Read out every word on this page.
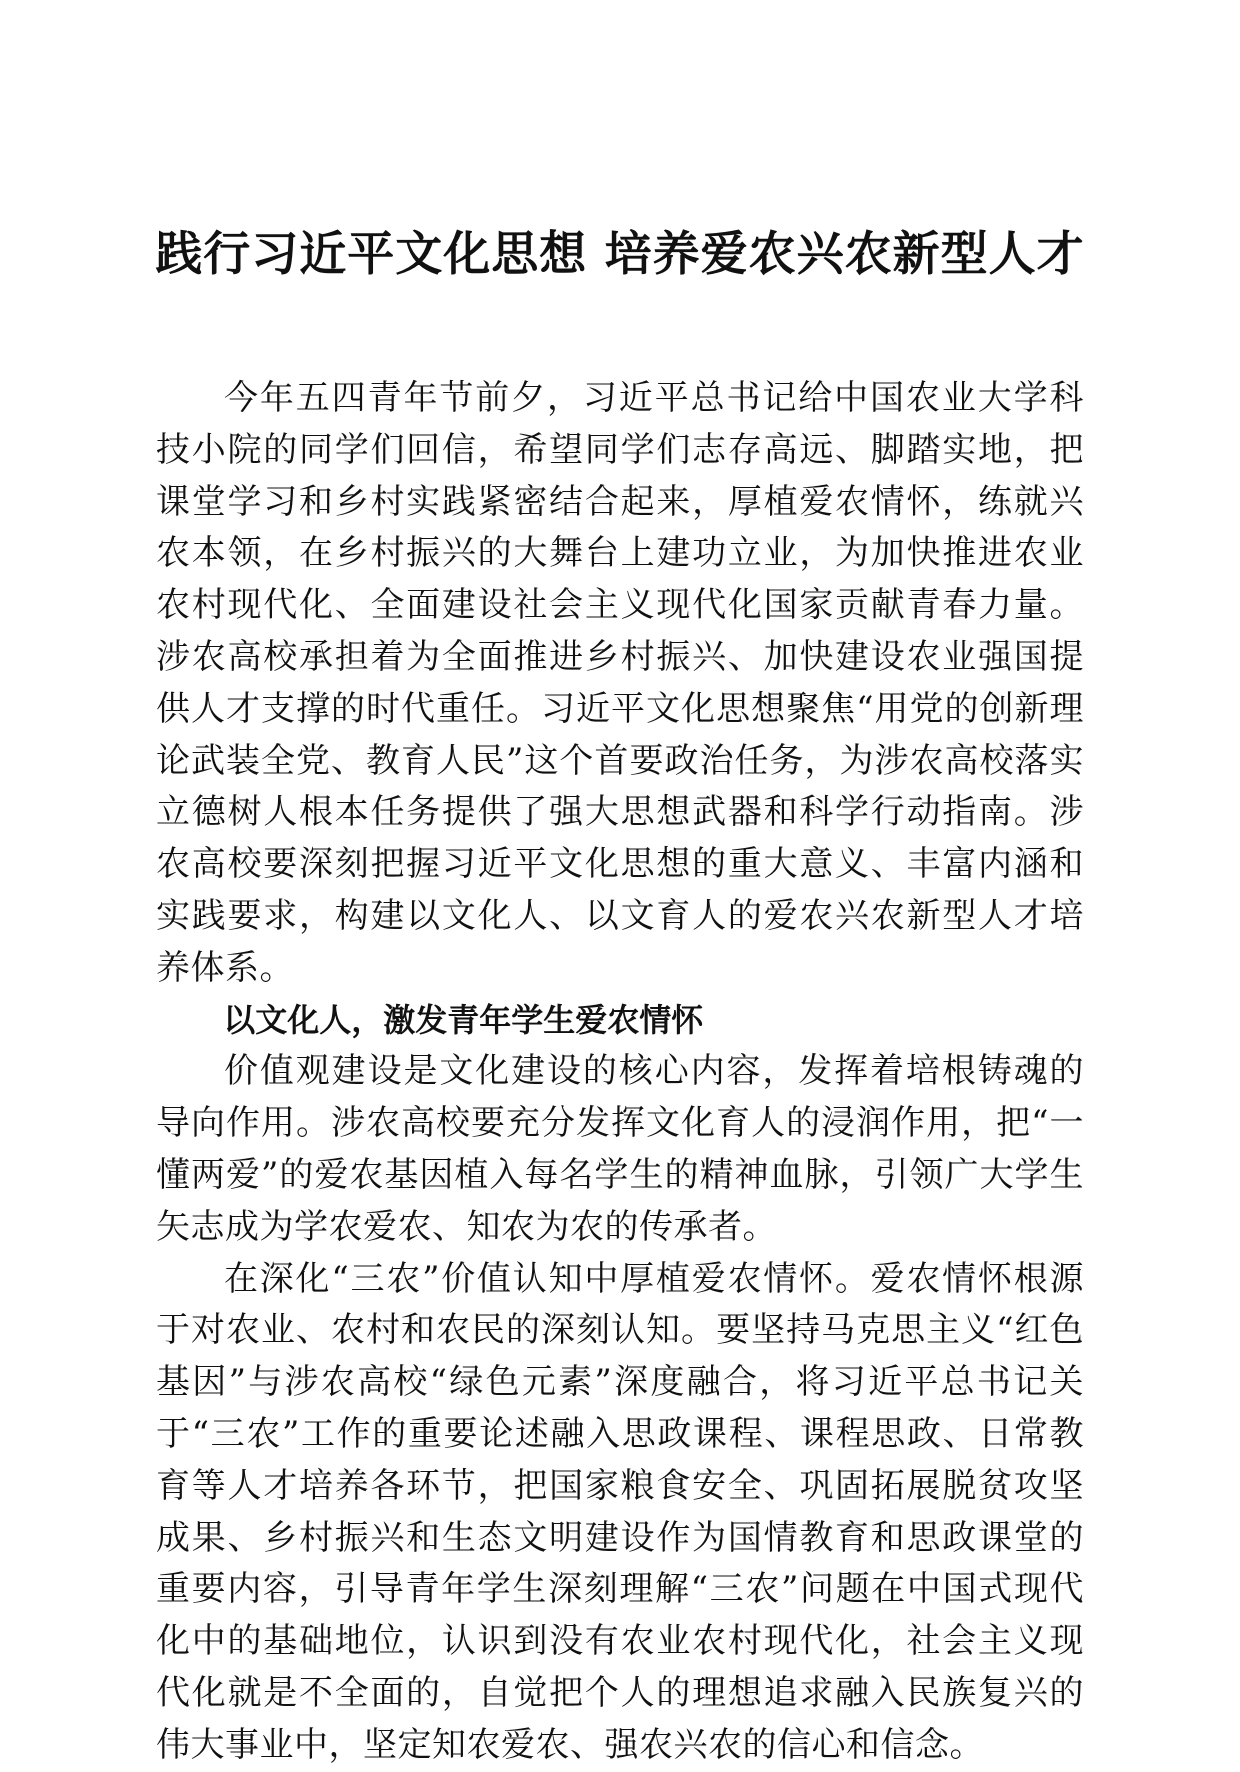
践行习近平文化思想 培养爱农兴农新型人才

今年五四青年节前夕，习近平总书记给中国农业大学科技小院的同学们回信，希望同学们志存高远、脚踏实地，把课堂学习和乡村实践紧密结合起来，厚植爱农情怀，练就兴农本领，在乡村振兴的大舞台上建功立业，为加快推进农业农村现代化、全面建设社会主义现代化国家贡献青春力量。涉农高校承担着为全面推进乡村振兴、加快建设农业强国提供人才支撑的时代重任。习近平文化思想聚焦“用党的创新理论武装全党、教育人民”这个首要政治任务，为涉农高校落实立德树人根本任务提供了强大思想武器和科学行动指南。涉农高校要深刻把握习近平文化思想的重大意义、丰富内涵和实践要求，构建以文化人、以文育人的爱农兴农新型人才培养体系。

以文化人，激发青年学生爱农情怀

价值观建设是文化建设的核心内容，发挥着培根铸魂的导向作用。涉农高校要充分发挥文化育人的浸润作用，把“一懂两爱”的爱农基因植入每名学生的精神血脉，引领广大学生矢志成为学农爱农、知农为农的传承者。

在深化“三农”价值认知中厚植爱农情怀。爱农情怀根源于对农业、农村和农民的深刻认知。要坚持马克思主义“红色基因”与涉农高校“绿色元素”深度融合，将习近平总书记关于“三农”工作的重要论述融入思政课程、课程思政、日常教育等人才培养各环节，把国家粮食安全、巩固拓展脱贫攻坚成果、乡村振兴和生态文明建设作为国情教育和思政课堂的重要内容，引导青年学生深刻理解“三农”问题在中国式现代化中的基础地位，认识到没有农业农村现代化，社会主义现代化就是不全面的，自觉把个人的理想追求融入民族复兴的伟大事业中，坚定知农爱农、强农兴农的信心和信念。
